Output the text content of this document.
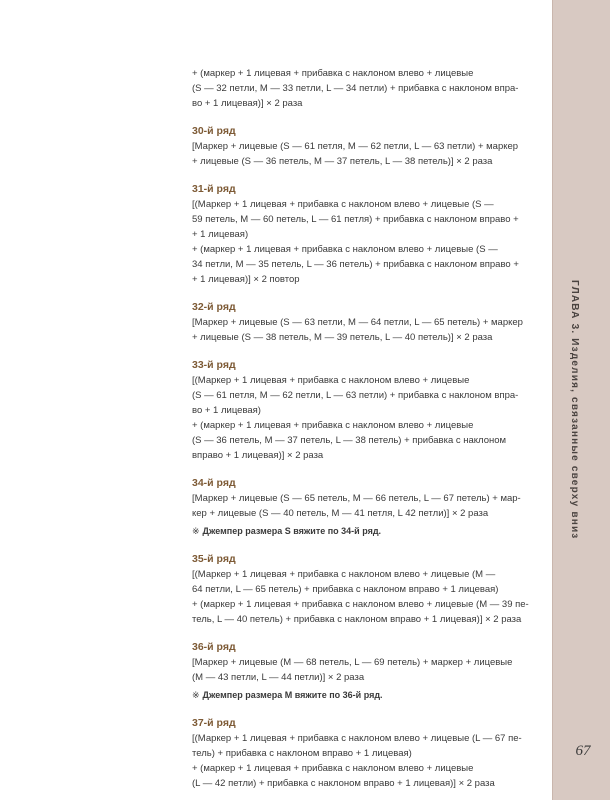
ГЛАВА 3. Изделия, связанные сверху вниз
67
+ (маркер + 1 лицевая + прибавка с наклоном влево + лицевые
(S — 32 петли, M — 33 петли, L — 34 петли) + прибавка с наклоном впра-
во + 1 лицевая)] × 2 раза
30-й ряд
[Маркер + лицевые (S — 61 петля, M — 62 петли, L — 63 петли) + маркер
+ лицевые (S — 36 петель, M — 37 петель, L — 38 петель)] × 2 раза
31-й ряд
[(Маркер + 1 лицевая + прибавка с наклоном влево + лицевые (S —
59 петель, M — 60 петель, L — 61 петля) + прибавка с наклоном вправо +
+ 1 лицевая)
+ (маркер + 1 лицевая + прибавка с наклоном влево + лицевые (S —
34 петли, M — 35 петель, L — 36 петель) + прибавка с наклоном вправо +
+ 1 лицевая)] × 2 повтор
32-й ряд
[Маркер + лицевые (S — 63 петли, M — 64 петли, L — 65 петель) + маркер
+ лицевые (S — 38 петель, M — 39 петель, L — 40 петель)] × 2 раза
33-й ряд
[(Маркер + 1 лицевая + прибавка с наклоном влево + лицевые
(S — 61 петля, M — 62 петли, L — 63 петли) + прибавка с наклоном впра-
во + 1 лицевая)
+ (маркер + 1 лицевая + прибавка с наклоном влево + лицевые
(S — 36 петель, M — 37 петель, L — 38 петель) + прибавка с наклоном
вправо + 1 лицевая)] × 2 раза
34-й ряд
[Маркер + лицевые (S — 65 петель, M — 66 петель, L — 67 петель) + мар-
кер + лицевые (S — 40 петель, M — 41 петля, L 42 петли)] × 2 раза
※ Джемпер размера S вяжите по 34-й ряд.
35-й ряд
[(Маркер + 1 лицевая + прибавка с наклоном влево + лицевые (M —
64 петли, L — 65 петель) + прибавка с наклоном вправо + 1 лицевая)
+ (маркер + 1 лицевая + прибавка с наклоном влево + лицевые (M — 39 пе-
тель, L — 40 петель) + прибавка с наклоном вправо + 1 лицевая)] × 2 раза
36-й ряд
[Маркер + лицевые (M — 68 петель, L — 69 петель) + маркер + лицевые
(M — 43 петли, L — 44 петли)] × 2 раза
※ Джемпер размера M вяжите по 36-й ряд.
37-й ряд
[(Маркер + 1 лицевая + прибавка с наклоном влево + лицевые (L — 67 пе-
тель) + прибавка с наклоном вправо + 1 лицевая)
+ (маркер + 1 лицевая + прибавка с наклоном влево + лицевые
(L — 42 петли) + прибавка с наклоном вправо + 1 лицевая)] × 2 раза
